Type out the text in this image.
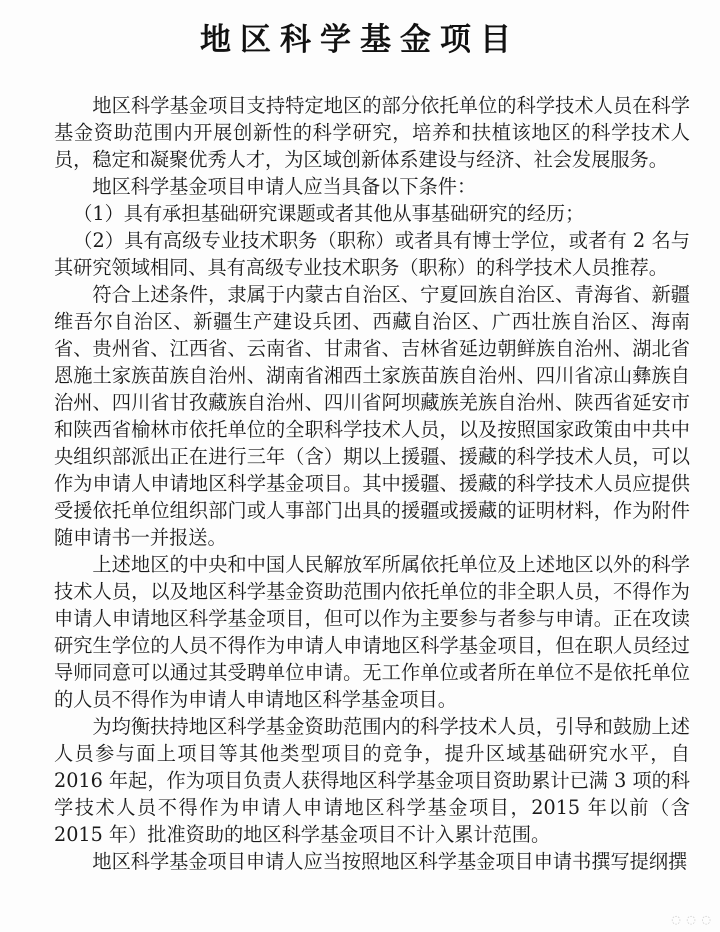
地区科学基金项目

地区科学基金项目支持特定地区的部分依托单位的科学技术人员在科学基金资助范围内开展创新性的科学研究，培养和扶植该地区的科学技术人员，稳定和凝聚优秀人才，为区域创新体系建设与经济、社会发展服务。

地区科学基金项目申请人应当具备以下条件：

（1）具有承担基础研究课题或者其他从事基础研究的经历；

（2）具有高级专业技术职务（职称）或者具有博士学位，或者有 2 名与其研究领域相同、具有高级专业技术职务（职称）的科学技术人员推荐。

符合上述条件，隶属于内蒙古自治区、宁夏回族自治区、青海省、新疆维吾尔自治区、新疆生产建设兵团、西藏自治区、广西壮族自治区、海南省、贵州省、江西省、云南省、甘肃省、吉林省延边朝鲜族自治州、湖北省恩施土家族苗族自治州、湖南省湘西土家族苗族自治州、四川省凉山彝族自治州、四川省甘孜藏族自治州、四川省阿坝藏族羌族自治州、陕西省延安市和陕西省榆林市依托单位的全职科学技术人员，以及按照国家政策由中共中央组织部派出正在进行三年（含）期以上援疆、援藏的科学技术人员，可以作为申请人申请地区科学基金项目。其中援疆、援藏的科学技术人员应提供受援依托单位组织部门或人事部门出具的援疆或援藏的证明材料，作为附件随申请书一并报送。

上述地区的中央和中国人民解放军所属依托单位及上述地区以外的科学技术人员，以及地区科学基金资助范围内依托单位的非全职人员，不得作为申请人申请地区科学基金项目，但可以作为主要参与者参与申请。正在攻读研究生学位的人员不得作为申请人申请地区科学基金项目，但在职人员经过导师同意可以通过其受聘单位申请。无工作单位或者所在单位不是依托单位的人员不得作为申请人申请地区科学基金项目。

为均衡扶持地区科学基金资助范围内的科学技术人员，引导和鼓励上述人员参与面上项目等其他类型项目的竞争，提升区域基础研究水平，自 2016 年起，作为项目负责人获得地区科学基金项目资助累计已满 3 项的科学技术人员不得作为申请人申请地区科学基金项目，2015 年以前（含 2015 年）批准资助的地区科学基金项目不计入累计范围。

地区科学基金项目申请人应当按照地区科学基金项目申请书撰写提纲撰

◌ ◌ ◌
